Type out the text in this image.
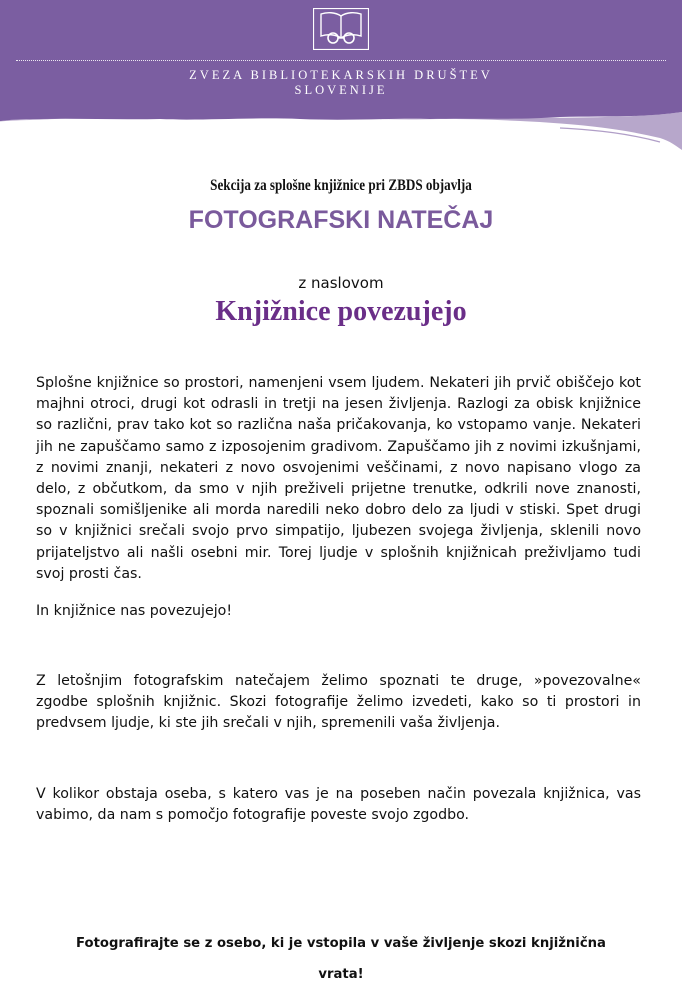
ZVEZA BIBLIOTEKARSKIH DRUŠTEV
SLOVENIJE
Sekcija za splošne knjižnice pri ZBDS objavlja
FOTOGRAFSKI NATEČAJ
z naslovom
Knjižnice povezujejo

Splošne knjižnice so prostori, namenjeni vsem ljudem. Nekateri jih prvič obiščejo kot majhni otroci, drugi kot odrasli in tretji na jesen življenja. Razlogi za obisk knjižnice so različni, prav tako kot so različna naša pričakovanja, ko vstopamo vanje. Nekateri jih ne zapuščamo samo z izposojenim gradivom. Zapuščamo jih z novimi izkušnjami, z novimi znanji, nekateri z novo osvojenimi veščinami, z novo napisano vlogo za delo, z občutkom, da smo v njih preživeli prijetne trenutke, odkrili nove znanosti, spoznali somišljenike ali morda naredili neko dobro delo za ljudi v stiski. Spet drugi so v knjižnici srečali svojo prvo simpatijo, ljubezen svojega življenja, sklenili novo prijateljstvo ali našli osebni mir. Torej ljudje v splošnih knjižnicah preživljamo tudi svoj prosti čas.

In knjižnice nas povezujejo!

Z letošnjim fotografskim natečajem želimo spoznati te druge, »povezovalne« zgodbe splošnih knjižnic. Skozi fotografije želimo izvedeti, kako so ti prostori in predvsem ljudje, ki ste jih srečali v njih, spremenili vaša življenja.

V kolikor obstaja oseba, s katero vas je na poseben način povezala knjižnica, vas vabimo, da nam s pomočjo fotografije poveste svojo zgodbo.

Fotografirajte se z osebo, ki je vstopila v vaše življenje skozi knjižnična vrata!
